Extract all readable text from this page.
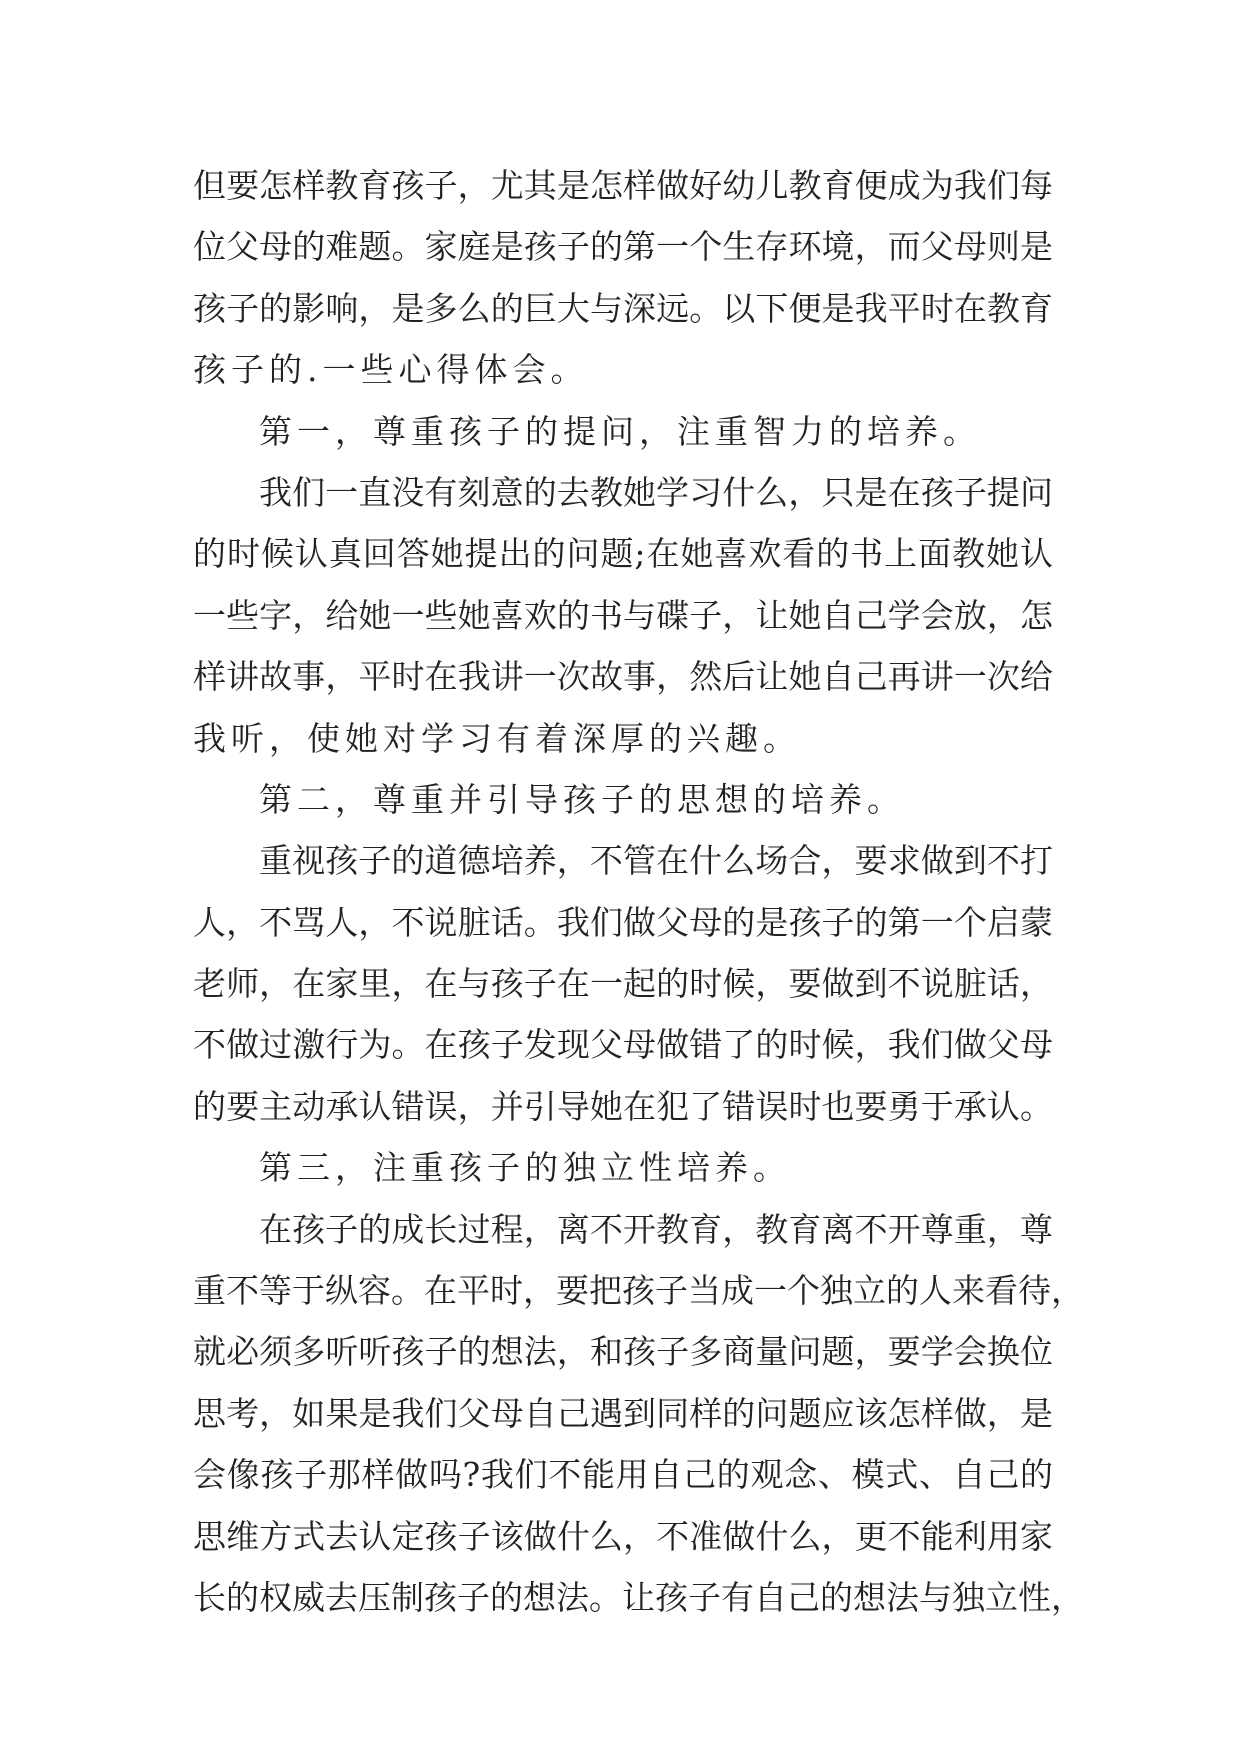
但要怎样教育孩子，尤其是怎样做好幼儿教育便成为我们每
位父母的难题。家庭是孩子的第一个生存环境，而父母则是
孩子的影响，是多么的巨大与深远。以下便是我平时在教育
孩子的.一些心得体会。
第一，尊重孩子的提问，注重智力的培养。
我们一直没有刻意的去教她学习什么，只是在孩子提问
的时候认真回答她提出的问题;在她喜欢看的书上面教她认
一些字，给她一些她喜欢的书与碟子，让她自己学会放，怎
样讲故事，平时在我讲一次故事，然后让她自己再讲一次给
我听，使她对学习有着深厚的兴趣。
第二，尊重并引导孩子的思想的培养。
重视孩子的道德培养，不管在什么场合，要求做到不打
人，不骂人，不说脏话。我们做父母的是孩子的第一个启蒙
老师，在家里，在与孩子在一起的时候，要做到不说脏话，
不做过激行为。在孩子发现父母做错了的时候，我们做父母
的要主动承认错误，并引导她在犯了错误时也要勇于承认。
第三，注重孩子的独立性培养。
在孩子的成长过程，离不开教育，教育离不开尊重，尊
重不等于纵容。在平时，要把孩子当成一个独立的人来看待，
就必须多听听孩子的想法，和孩子多商量问题，要学会换位
思考，如果是我们父母自己遇到同样的问题应该怎样做，是
会像孩子那样做吗?我们不能用自己的观念、模式、自己的
思维方式去认定孩子该做什么，不准做什么，更不能利用家
长的权威去压制孩子的想法。让孩子有自己的想法与独立性，
